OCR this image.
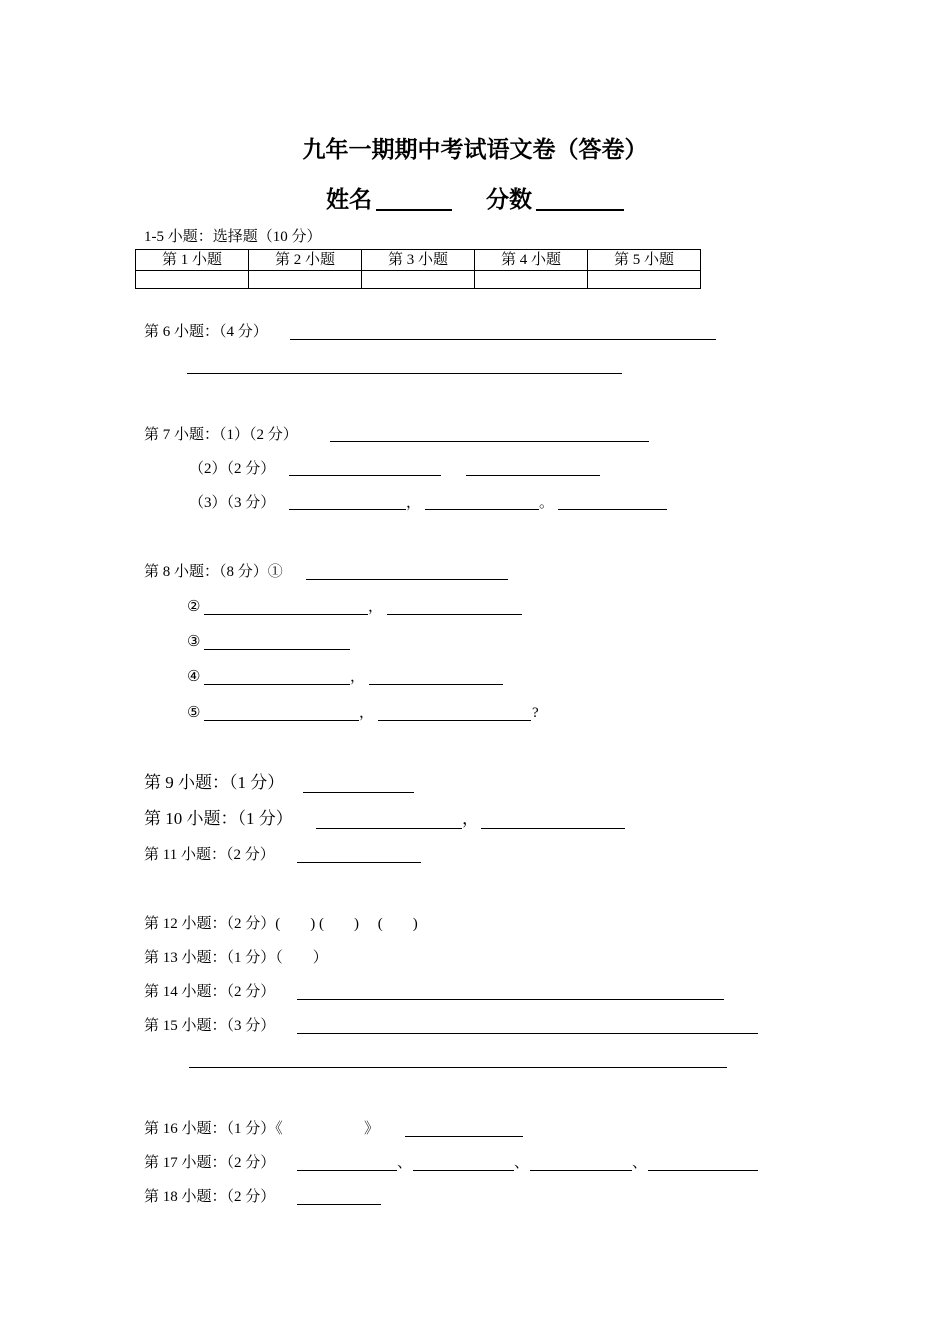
九年一期期中考试语文卷（答卷）
姓名	分数
1-5 小题：选择题（10 分）
第 1 小题	第 2 小题	第 3 小题	第 4 小题	第 5 小题

第 6 小题：（4 分）
第 7 小题：（1）（2 分）
（2）（2 分）
（3）（3 分）	，	。
第 8 小题：（8 分）①
②	，
③
④	，
⑤	，	?
第 9 小题：（1 分）
第 10 小题：（1 分）	，
第 11 小题：（2 分）
第 12 小题：（2 分）(　　) (　　)　 (　　)
第 13 小题：（1 分）（　　）
第 14 小题：（2 分）
第 15 小题：（3 分）
第 16 小题：（1 分）《	》
第 17 小题：（2 分）	、	、	、
第 18 小题：（2 分）
